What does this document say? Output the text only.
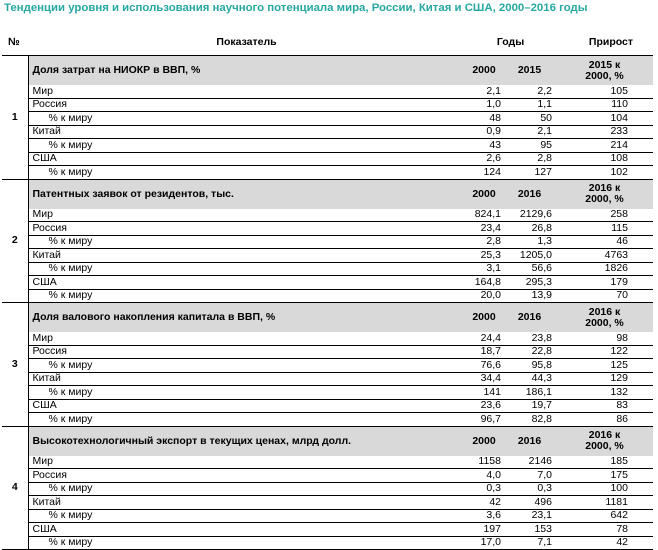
Тенденции уровня и использования научного потенциала мира, России, Китая и США, 2000–2016 годы
№	Показатель	Годы		Прирост
1	Доля затрат на НИОКР в ВВП, %	2000	2015	2015 к
2000, %

	Мир	2,1	2,2	105
	Россия	1,0	1,1	110
	% к миру	48	50	104
	Китай	0,9	2,1	233
	% к миру	43	95	214
	США	2,6	2,8	108
	% к миру	124	127	102
2	Патентных заявок от резидентов, тыс.	2000	2016	2016 к
2000, %

	Мир	824,1	2129,6	258
	Россия	23,4	26,8	115
	% к миру	2,8	1,3	46
	Китай	25,3	1205,0	4763
	% к миру	3,1	56,6	1826
	США	164,8	295,3	179
	% к миру	20,0	13,9	70
3	Доля валового накопления капитала в ВВП, %	2000	2016	2016 к
2000, %

	Мир	24,4	23,8	98
	Россия	18,7	22,8	122
	% к миру	76,6	95,8	125
	Китай	34,4	44,3	129
	% к миру	141	186,1	132
	США	23,6	19,7	83
	% к миру	96,7	82,8	86
4	Высокотехнологичный экспорт в текущих ценах, млрд долл.	2000	2016	2016 к
2000, %

	Мир	1158	2146	185
	Россия	4,0	7,0	175
	% к миру	0,3	0,3	100
	Китай	42	496	1181
	% к миру	3,6	23,1	642
	США	197	153	78
	% к миру	17,0	7,1	42
